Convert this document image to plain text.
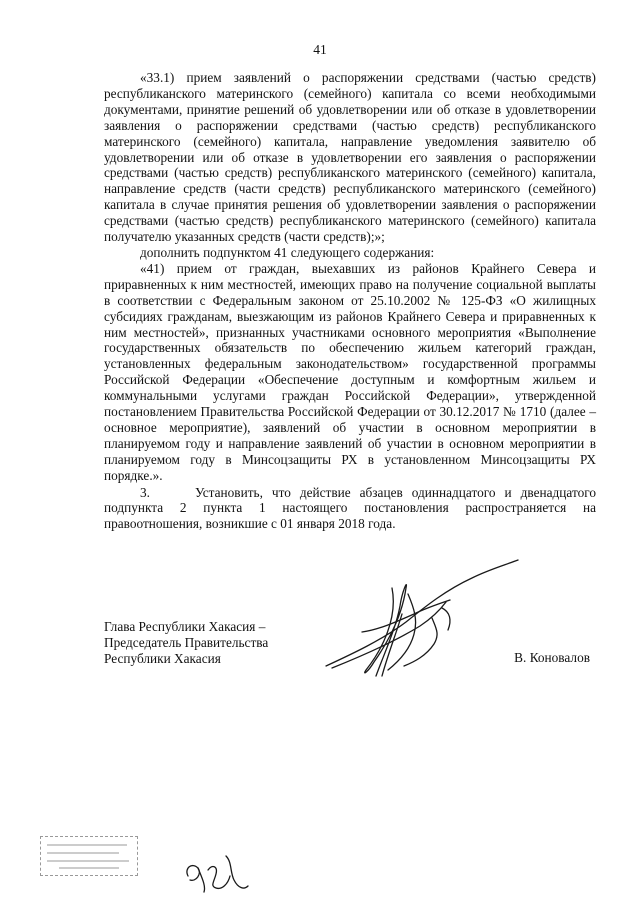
41

«33.1) прием заявлений о распоряжении средствами (частью средств) республиканского материнского (семейного) капитала со всеми необходимыми документами, принятие решений об удовлетворении или об отказе в удовлетворении заявления о распоряжении средствами (частью средств) республиканского материнского (семейного) капитала, направление уведомления заявителю об удовлетворении или об отказе в удовлетворении его заявления о распоряжении средствами (частью средств) республиканского материнского (семейного) капитала, направление средств (части средств) республиканского материнского (семейного) капитала в случае принятия решения об удовлетворении заявления о распоряжении средствами (частью средств) республиканского материнского (семейного) капитала получателю указанных средств (части средств);»;

дополнить подпунктом 41 следующего содержания:

«41) прием от граждан, выехавших из районов Крайнего Севера и приравненных к ним местностей, имеющих право на получение социальной выплаты в соответствии с Федеральным законом от 25.10.2002 № 125-ФЗ «О жилищных субсидиях гражданам, выезжающим из районов Крайнего Севера и приравненных к ним местностей», признанных участниками основного мероприятия «Выполнение государственных обязательств по обеспечению жильем категорий граждан, установленных федеральным законодательством» государственной программы Российской Федерации «Обеспечение доступным и комфортным жильем и коммунальными услугами граждан Российской Федерации», утвержденной постановлением Правительства Российской Федерации от 30.12.2017 № 1710 (далее – основное мероприятие), заявлений об участии в основном мероприятии в планируемом году и направление заявлений об участии в основном мероприятии в планируемом году в Минсоцзащиты РХ в установленном Минсоцзащиты РХ порядке.».

3.     Установить, что действие абзацев одиннадцатого и двенадцатого подпункта 2 пункта 1 настоящего постановления распространяется на правоотношения, возникшие с 01 января 2018 года.

Глава Республики Хакасия –
Председатель Правительства
Республики Хакасия	В. Коновалов
